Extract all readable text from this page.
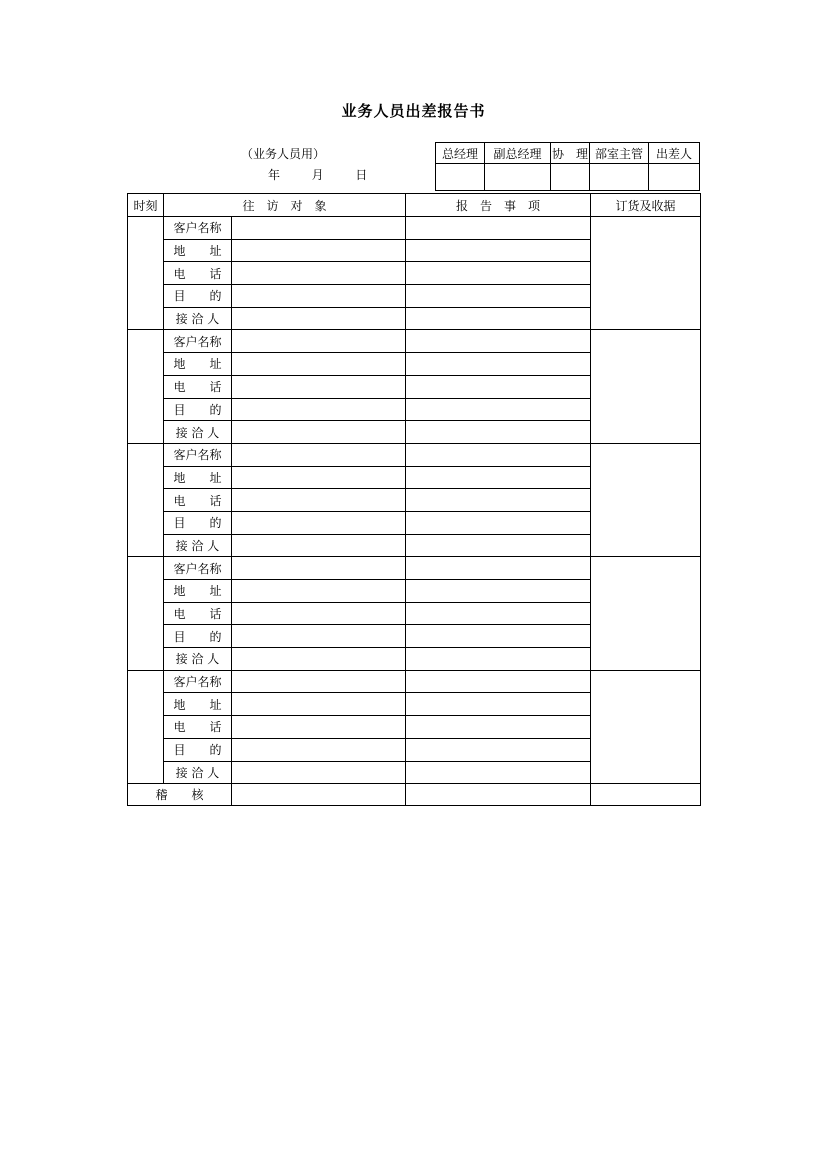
业务人员出差报告书
（业务人员用）
年	月	日
总经理	副总经理	协　理	部室主管	出差人

时刻	往　访　对　象		报　告　事　项	订货及收据
	客户名称			
	地　　址			
	电　　话			
	目　　的			
	接 洽 人			
	客户名称			
	地　　址			
	电　　话			
	目　　的			
	接 洽 人			
	客户名称			
	地　　址			
	电　　话			
	目　　的			
	接 洽 人			
	客户名称			
	地　　址			
	电　　话			
	目　　的			
	接 洽 人			
	客户名称			
	地　　址			
	电　　话			
	目　　的			
	接 洽 人			
稽　　核				
